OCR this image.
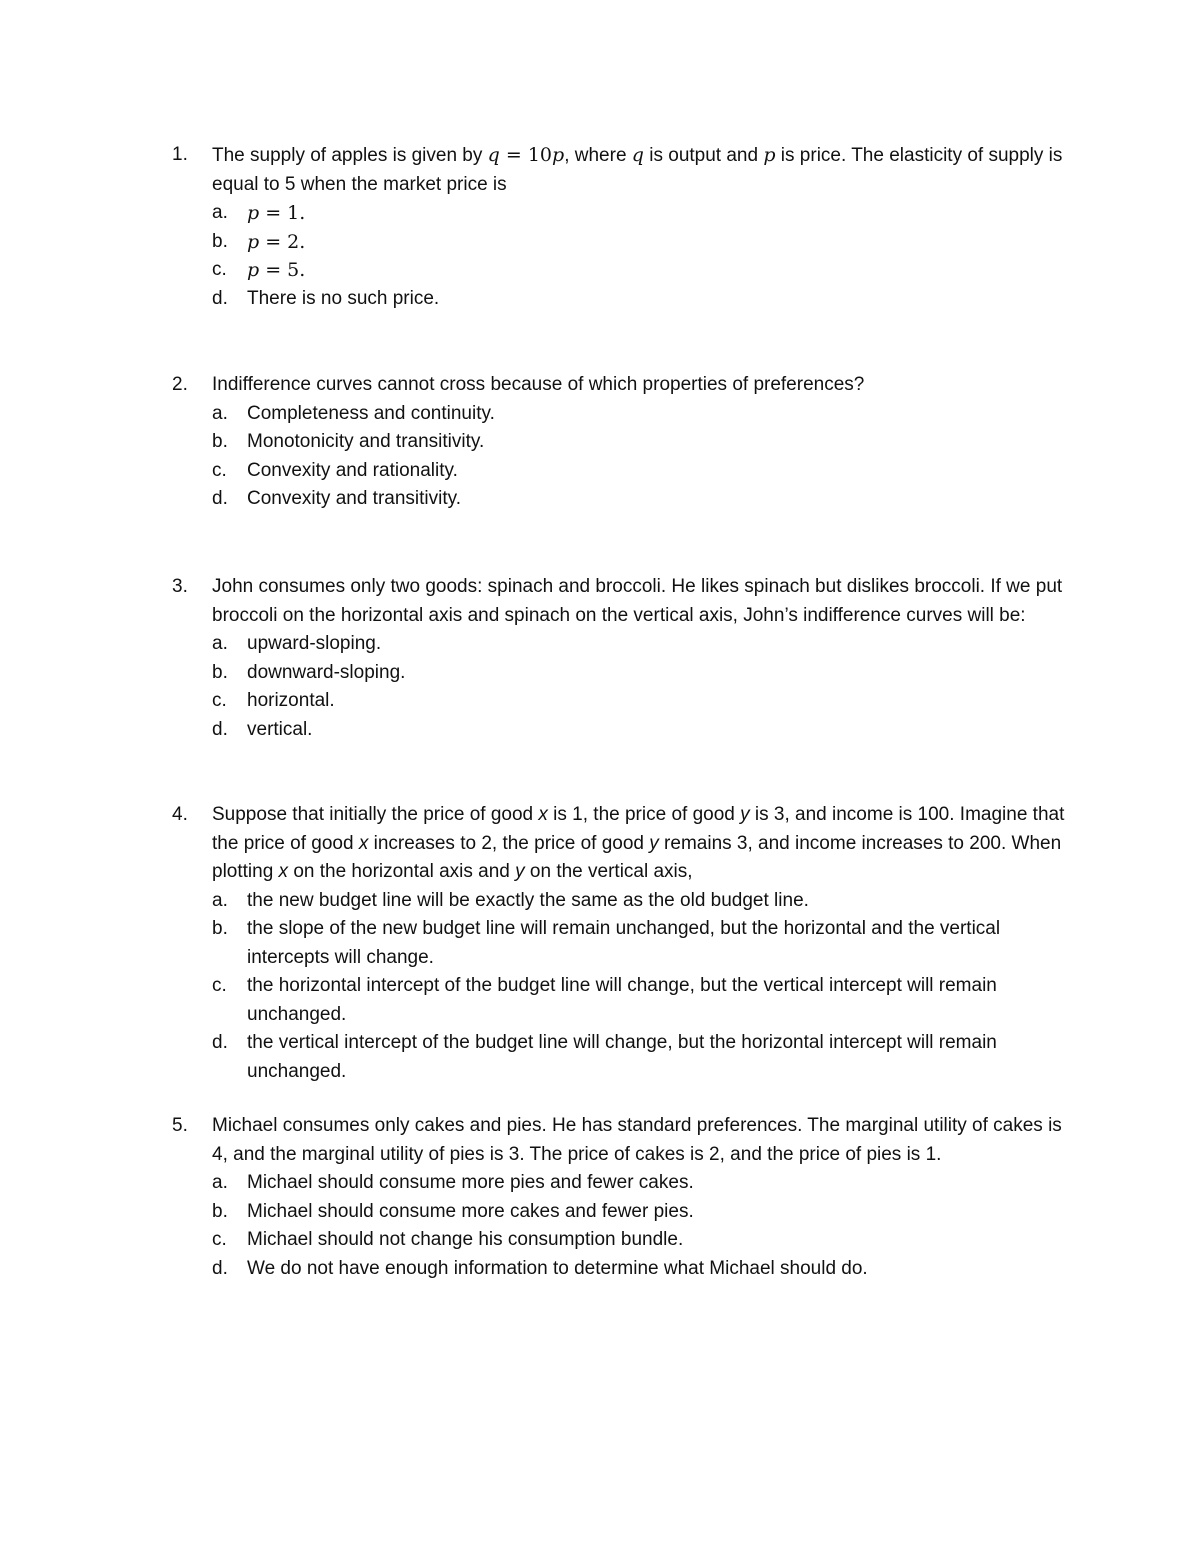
1.	The supply of apples is given by q = 10p, where q is output and p is price. The elasticity of supply is equal to 5 when the market price is
a.	p = 1.
b.	p = 2.
c.	p = 5.
d.	There is no such price.
2.	Indifference curves cannot cross because of which properties of preferences?
a.	Completeness and continuity.
b.	Monotonicity and transitivity.
c.	Convexity and rationality.
d.	Convexity and transitivity.
3.	John consumes only two goods: spinach and broccoli. He likes spinach but dislikes broccoli. If we put broccoli on the horizontal axis and spinach on the vertical axis, John’s indifference curves will be:
a.	upward-sloping.
b.	downward-sloping.
c.	horizontal.
d.	vertical.
4.	Suppose that initially the price of good x is 1, the price of good y is 3, and income is 100. Imagine that the price of good x increases to 2, the price of good y remains 3, and income increases to 200. When plotting x on the horizontal axis and y on the vertical axis,
a.	the new budget line will be exactly the same as the old budget line.
b.	the slope of the new budget line will remain unchanged, but the horizontal and the vertical intercepts will change.
c.	the horizontal intercept of the budget line will change, but the vertical intercept will remain unchanged.
d.	the vertical intercept of the budget line will change, but the horizontal intercept will remain unchanged.
5.	Michael consumes only cakes and pies. He has standard preferences. The marginal utility of cakes is 4, and the marginal utility of pies is 3. The price of cakes is 2, and the price of pies is 1.
a.	Michael should consume more pies and fewer cakes.
b.	Michael should consume more cakes and fewer pies.
c.	Michael should not change his consumption bundle.
d.	We do not have enough information to determine what Michael should do.
